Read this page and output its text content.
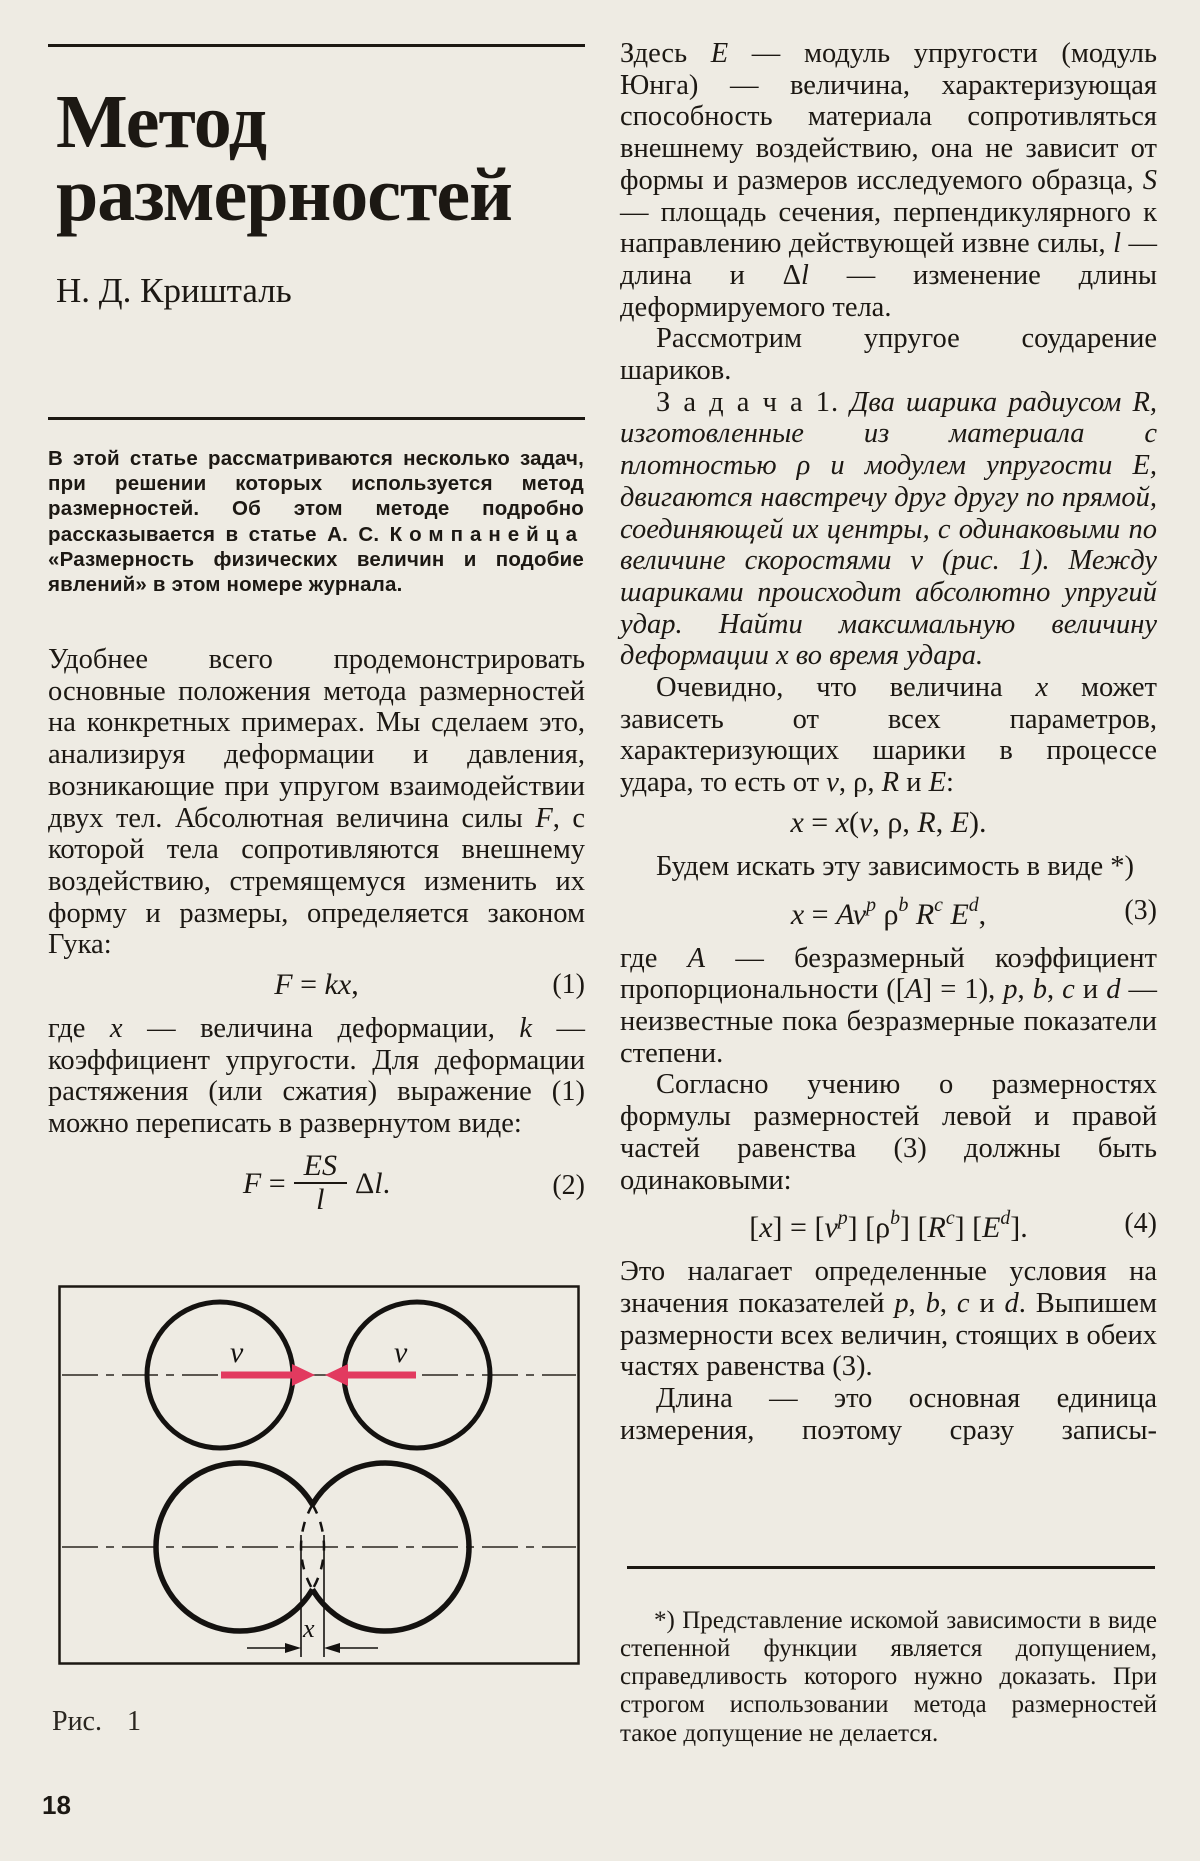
Метод
размерностей
Н. Д. Кришталь
В этой статье рассматриваются несколько задач, при решении которых используется метод размерностей. Об этом методе подробно рассказывается в статье А. С. Компанейца «Размерность физических величин и подобие явлений» в этом номере журнала.

Удобнее всего продемонстрировать основные положения метода размерностей на конкретных примерах. Мы сделаем это, анализируя деформации и давления, возникающие при упругом взаимодействии двух тел. Абсолютная величина силы F, с которой тела сопротивляются внешнему воздействию, стремящемуся изменить их форму и размеры, определяется законом Гука:

F = kx,	(1)

где x — величина деформации, k — коэффициент упругости. Для деформации растяжения (или сжатия) выражение (1) можно переписать в развернутом виде:

$F = \frac{ES}{l} \Delta l$.	(2)
v	v
x
Рис. 1
18

Здесь E — модуль упругости (модуль Юнга) — величина, характеризующая способность материала сопротивляться внешнему воздействию, она не зависит от формы и размеров исследуемого образца, S — площадь сечения, перпендикулярного к направлению действующей извне силы, l — длина и Δl — изменение длины деформируемого тела.

Рассмотрим упругое соударение шариков.

З а д а ч а 1. Два шарика радиусом R, изготовленные из материала с плотностью ρ и модулем упругости E, двигаются навстречу друг другу по прямой, соединяющей их центры, с одинаковыми по величине скоростями v (рис. 1). Между шариками происходит абсолютно упругий удар. Найти максимальную величину деформации x во время удара.

Очевидно, что величина x может зависеть от всех параметров, характеризующих шарики в процессе удара, то есть от v, ρ, R и E:

x = x(v, ρ, R, E).

Будем искать эту зависимость в виде *)

$x = Av^p$ $\rho^b$ $R^c$ $E^d$,	(3)

где A — безразмерный коэффициент пропорциональности ([A] = 1), p, b, c и d — неизвестные пока безразмерные показатели степени.

Согласно учению о размерностях формулы размерностей левой и правой частей равенства (3) должны быть одинаковыми:

$[x] = [v^p]$ $[\rho^b]$ $[R^c]$ $[E^d]$.	(4)

Это налагает определенные условия на значения показателей p, b, c и d. Выпишем размерности всех величин, стоящих в обеих частях равенства (3).

Длина — это основная единица измерения, поэтому сразу записы-

*) Представление искомой зависимости в виде степенной функции является допущением, справедливость которого нужно доказать. При строгом использовании метода размерностей такое допущение не делается.
